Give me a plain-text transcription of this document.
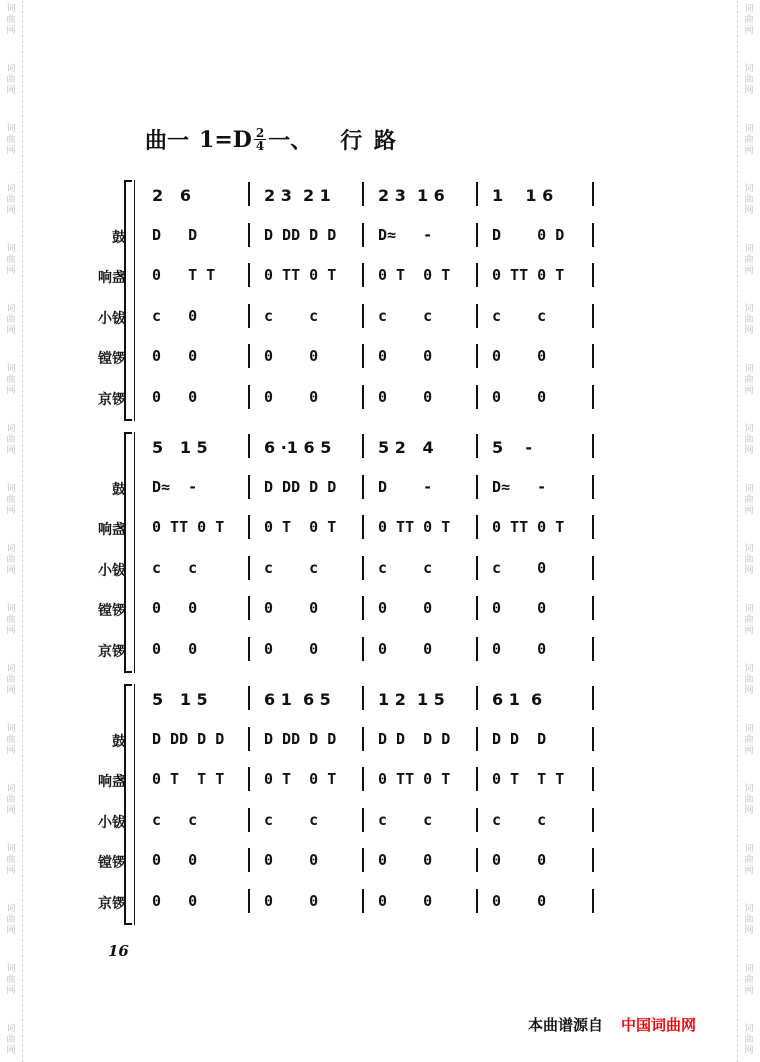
词
曲
网
词
曲
网
词
曲
网
词
曲
网
词
曲
网
词
曲
网
词
曲
网
词
曲
网
词
曲
网
词
曲
网
词
曲
网
词
曲
网
词
曲
网
词
曲
网
词
曲
网
词
曲
网
词
曲
网
词
曲
网
词
曲
网
词
曲
网
词
曲
网
词
曲
网
词
曲
网
词
曲
网
词
曲
网
词
曲
网
词
曲
网
词
曲
网
词
曲
网
词
曲
网
词
曲
网
词
曲
网
词
曲
网
词
曲
网
词
曲
网
词
曲
网
曲一 $1=D \frac{2}{4}$ 一、 行 路
2   6	2 3  2 1	2 3  1 6	1    1 6
鼓 D   D	D DD D D	D≈   -	D    0 D
响盏 0   T T	0 TT 0 T	0 T  0 T	0 TT 0 T
小钹 c   0	c    c	c    c	c    c
镗锣 0   0	0    0	0    0	0    0
京锣 0   0	0    0	0    0	0    0
5   1 5	6 ·1 6 5	5 2   4	5    -
鼓 D≈  -	D DD D D	D    -	D≈   -
响盏 0 TT 0 T	0 T  0 T	0 TT 0 T	0 TT 0 T
小钹 c   c	c    c	c    c	c    0
镗锣 0   0	0    0	0    0	0    0
京锣 0   0	0    0	0    0	0    0
5   1 5	6 1  6 5	1 2  1 5	6 1  6
鼓 D DD D D	D DD D D	D D  D D	D D  D
响盏 0 T  T T	0 T  0 T	0 TT 0 T	0 T  T T
小钹 c   c	c    c	c    c	c    c
镗锣 0   0	0    0	0    0	0    0
京锣 0   0	0    0	0    0	0    0
16
本曲谱源自 中国词曲网
